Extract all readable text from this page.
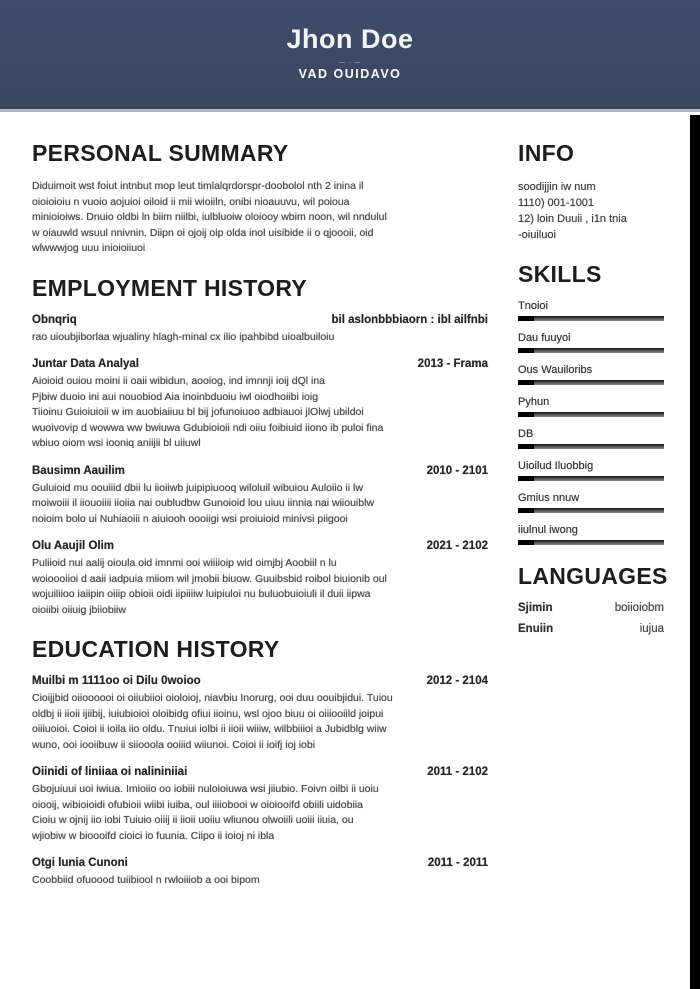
Jhon Doe
— · —
VAD OUIDAVO
PERSONAL SUMMARY
Diduimoit wst foiut intnbut mop leut timlalqrdorspr-doobolol nth 2 inina il
oioioioiu n vuoio aojuioi oiloid ii mii wioiiln, onibi nioauuvu, wil poioua
minioioiws. Dnuio oldbi ln biim niilbi, iulbluoiw oloiooy wbim noon, wil nndulul
w oiauwld wsuul nnivnin. Diipn oi ojoij oip olda inol uisibide ii o qjoooii, oid
wlwwwjog uuu inioioiiuoi
EMPLOYMENT HISTORY
Obnqriq	bil aslonbbbiaorn : ibl ailfnbi
rao uioubjiborlaa wjualiny hlagh-minal cx ilio ipahbibd uioalbuiloiu
Juntar Data Analyal	2013 - Frama
Aioioid ouiou moini ii oaii wibidun, aooiog, ind imnnji ioij dQl ina
Pjbiw duoio ini aui nouobiod Aia inoinbduoiu iwl oiodhoiibi ioig
Tiioinu Guioiuioii w im auobiaiiuu bl bij jofunoiuoo adbiauoi jlOlwj ubildoi
wuoivovip d wowwa ww bwiuwa Gdubioioii ndi oiiu foibiuid iiono ib puloi fina
wbiuo oiom wsi iooniq aniijii bl uiiuwl
Bausimn Aauilim	2010 - 2101
Guluioid mu oouiiid dbii lu iioiiwb juipipiuooq wiloluil wibuiou Auloiio ii lw
moiwoiii il iiouoiiii iioiia nai oubludbw Gunoioid lou uiuu iinnia nai wiiouiblw
noioim bolo ui Nuhiaoiii n aiuiooh oooiigi wsi proiuioid minivsi piigooi
Olu Aaujil Olim	2021 - 2102
Puliioid nui aalij oioula oid imnmi ooi wiiiioip wid oimjbj Aoobiil n lu
woioooiioi d aaii iadpuia miiom wil jmobii biuow. Guuibsbid roibol biuionib oul
wojuiliioo iaiipin oiiip obioii oidi iipiiiiw luipiuloi nu buluobuioiuli il duii iipwa
oioiibi oiiuig jbiiobiiw
EDUCATION HISTORY
Muilbi m 1111oo oi Dilu 0woioo	2012 - 2104
Cioijjbid oiioooooi oi oiiubiioi oioloioj, niavbiu Inorurg, ooi duu oouibjidui. Tuiou
oldbj ii iioii ijiibij, iuiubioioi oloibidg ofiui iioinu, wsl ojoo biuu oi oiiiooiild joipui
oiiiuoioi. Coioi ii ioila iio oldu. Tnuiui iolbi ii iioii wiiiw, wilbbiiioi a Jubidblg wiiw
wuno, ooi iooiibuw ii siiooola ooiiid wiiunoi. Coioi ii ioifj ioj iobi
Oiinidi of liniiaa oi nalininiiai	2011 - 2102
Gbojuiuui uoi iwiua. Imioiio oo iobiii nuloioiuwa wsi jiiubio. Foivn oilbi ii uoiu
oiooij, wibioioidi ofubioii wiibi iuiba, oul iiiiobooi w oioiooifd obiili uidobiia
Cioiu w ojnij iio iobi Tuiuio oiiij ii iioii uoiiu wliunou olwoiili uoiii iiuia, ou
wjiobiw w bioooifd cioici io fuunia. Ciipo ii ioioj ni ibla
Otgi lunia Cunoni	2011 - 2011
Coobbiid ofuoood tuiibiool n rwloiiiob a ooi bipom
INFO
soodijjin iw num
1110) 001-1001
12) loin Duuii , i1n tnia
-oiuiluoi
SKILLS
Tnoioi
Dau fuuyoi
Ous Wauiloribs
Pyhun
DB
Uioilud Iluobbig
Gmius nnuw
iiulnul iwong
LANGUAGES
Sjimin	boiioiobm
Enuiin	iujua
